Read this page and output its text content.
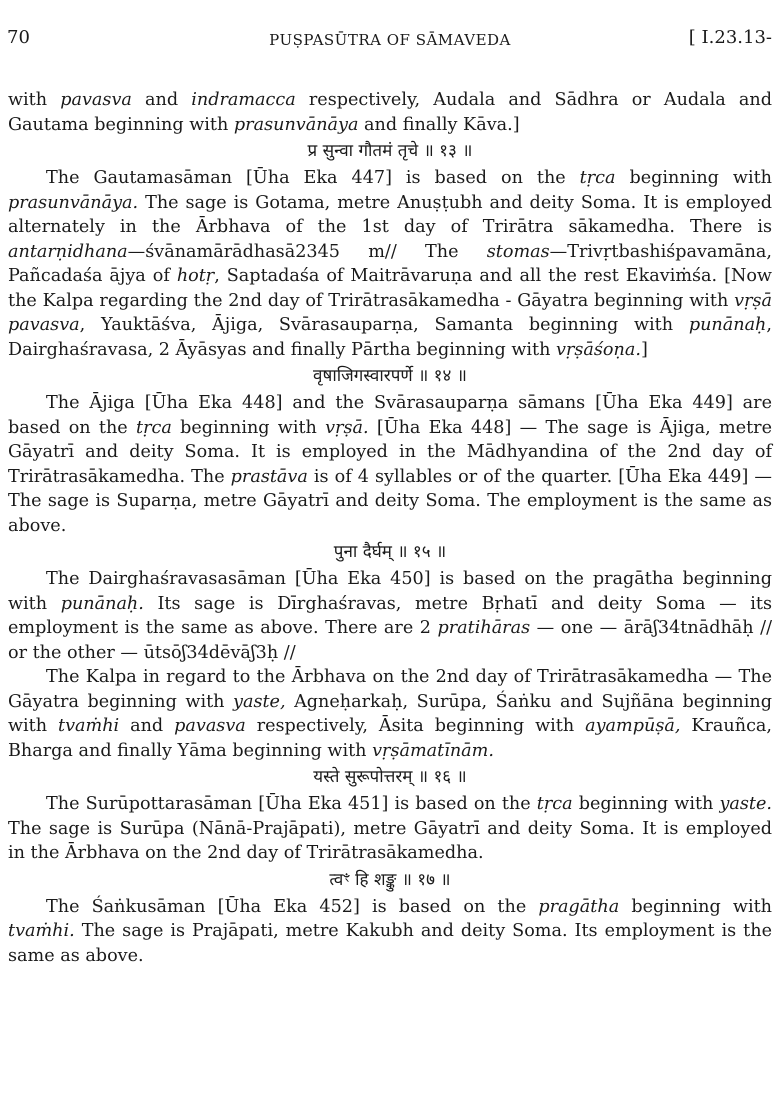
70	PUṢPASŪTRA OF SĀMAVEDA	[ I.23.13-

with pavasva and indramacca respectively, Audala and Sādhra or Audala and Gautama beginning with prasunvānāya and finally Kāva.]

प्र सुन्वा गौतमं तृचे ॥ १३ ॥

The Gautamasāman [Ūha Eka 447] is based on the tṛca beginning with prasunvānāya. The sage is Gotama, metre Anuṣṭubh and deity Soma. It is employed alternately in the Ārbhava of the 1st day of Trirātra sākamedha. There is antarṇidhana—śvānamārādhasā2345 m// The stomas—Trivṛtbashiśpavamāna, Pañcadaśa ājya of hotṛ, Saptadaśa of Maitrāvaruṇa and all the rest Ekaviṁśa. [Now the Kalpa regarding the 2nd day of Trirātrasākamedha - Gāyatra beginning with vṛṣā pavasva, Yauktāśva, Ājiga, Svārasauparṇa, Samanta beginning with punānaḥ, Dairghaśravasa, 2 Āyāsyas and finally Pārtha beginning with vṛṣāśoṇa.]

वृषाजिगस्वारपर्णे ॥ १४ ॥

The Ājiga [Ūha Eka 448] and the Svārasauparṇa sāmans [Ūha Eka 449] are based on the tṛca beginning with vṛṣā. [Ūha Eka 448] — The sage is Ājiga, metre Gāyatrī and deity Soma. It is employed in the Mādhyandina of the 2nd day of Trirātrasākamedha. The prastāva is of 4 syllables or of the quarter. [Ūha Eka 449] — The sage is Suparṇa, metre Gāyatrī and deity Soma. The employment is the same as above.

पुना दैर्घम् ॥ १५ ॥

The Dairghaśravasasāman [Ūha Eka 450] is based on the pragātha beginning with punānaḥ. Its sage is Dīrghaśravas, metre Bṛhatī and deity Soma — its employment is the same as above. There are 2 pratihāras — one — ārāʃ34tnādhāḥ // or the other — ūtsōʃ34dēvāʃ3ḥ //

The Kalpa in regard to the Ārbhava on the 2nd day of Trirātrasākamedha — The Gāyatra beginning with yaste, Agneḥarkaḥ, Surūpa, Śaṅku and Sujñāna beginning with tvaṁhi and pavasva respectively, Āsita beginning with ayampūṣā, Krauñca, Bharga and finally Yāma beginning with vṛṣāmatīnām.

यस्ते सुरूपोत्तरम् ॥ १६ ॥

The Surūpottarasāman [Ūha Eka 451] is based on the tṛca beginning with yaste. The sage is Surūpa (Nānā-Prajāpati), metre Gāyatrī and deity Soma. It is employed in the Ārbhava on the 2nd day of Trirātrasākamedha.

त्वꣳ हि शङ्कु ॥ १७ ॥

The Śaṅkusāman [Ūha Eka 452] is based on the pragātha beginning with tvaṁhi. The sage is Prajāpati, metre Kakubh and deity Soma. Its employment is the same as above.
